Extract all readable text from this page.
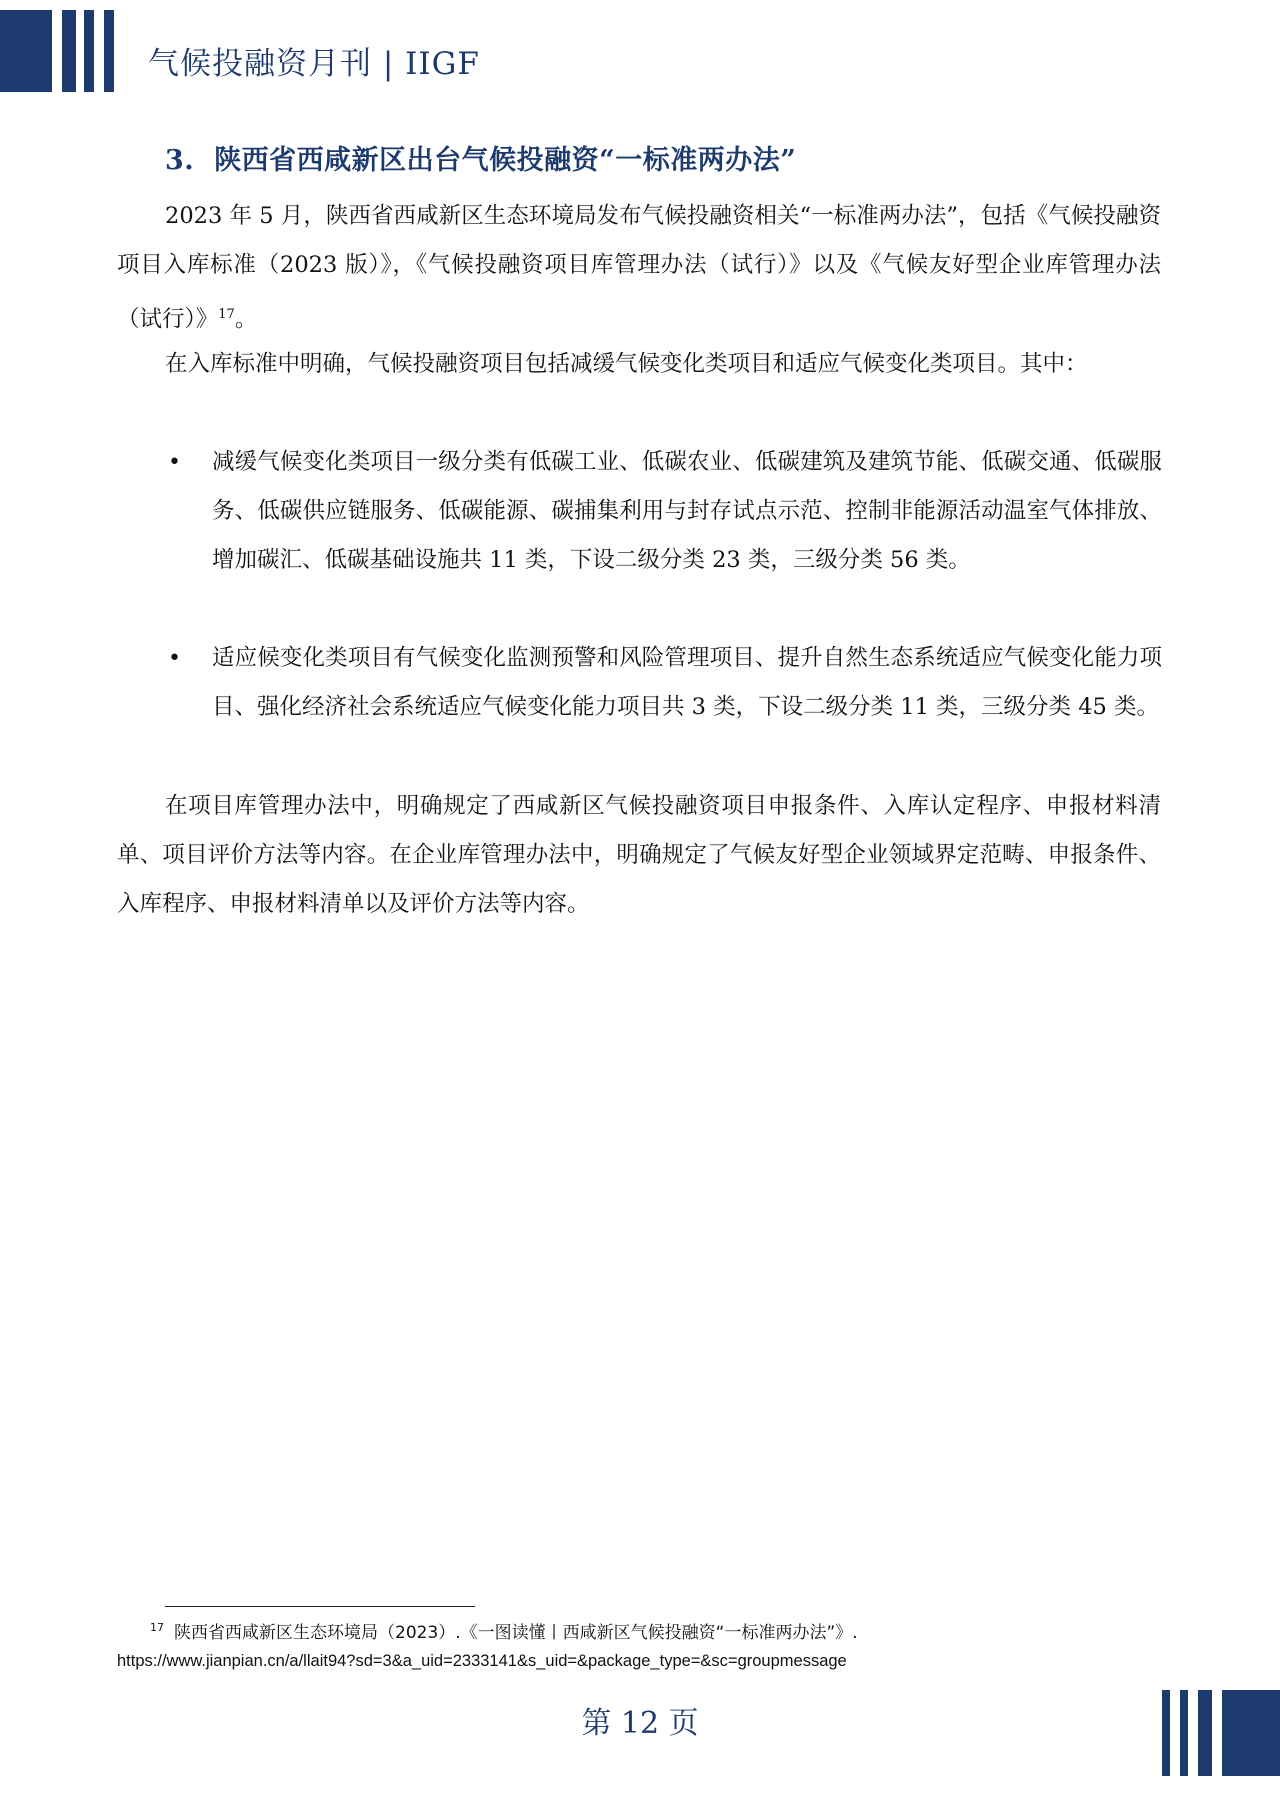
气候投融资月刊 | IIGF
3. 陕西省西咸新区出台气候投融资“一标准两办法”

2023 年 5 月，陕西省西咸新区生态环境局发布气候投融资相关“一标准两办法”，包括《气候投融资项目入库标准（2023 版）》，《气候投融资项目库管理办法（试行）》以及《气候友好型企业库管理办法（试行）》$^{17}$。

在入库标准中明确，气候投融资项目包括减缓气候变化类项目和适应气候变化类项目。其中：

• 减缓气候变化类项目一级分类有低碳工业、低碳农业、低碳建筑及建筑节能、低碳交通、低碳服务、低碳供应链服务、低碳能源、碳捕集利用与封存试点示范、控制非能源活动温室气体排放、增加碳汇、低碳基础设施共 11 类，下设二级分类 23 类，三级分类 56 类。

• 适应候变化类项目有气候变化监测预警和风险管理项目、提升自然生态系统适应气候变化能力项目、强化经济社会系统适应气候变化能力项目共 3 类，下设二级分类 11 类，三级分类 45 类。

在项目库管理办法中，明确规定了西咸新区气候投融资项目申报条件、入库认定程序、申报材料清单、项目评价方法等内容。在企业库管理办法中，明确规定了气候友好型企业领域界定范畴、申报条件、入库程序、申报材料清单以及评价方法等内容。

$^{17}$ 陕西省西咸新区生态环境局（2023）.《一图读懂丨西咸新区气候投融资“一标准两办法”》.
https://www.jianpian.cn/a/llait94?sd=3&a_uid=2333141&s_uid=&package_type=&sc=groupmessage
第 12 页
